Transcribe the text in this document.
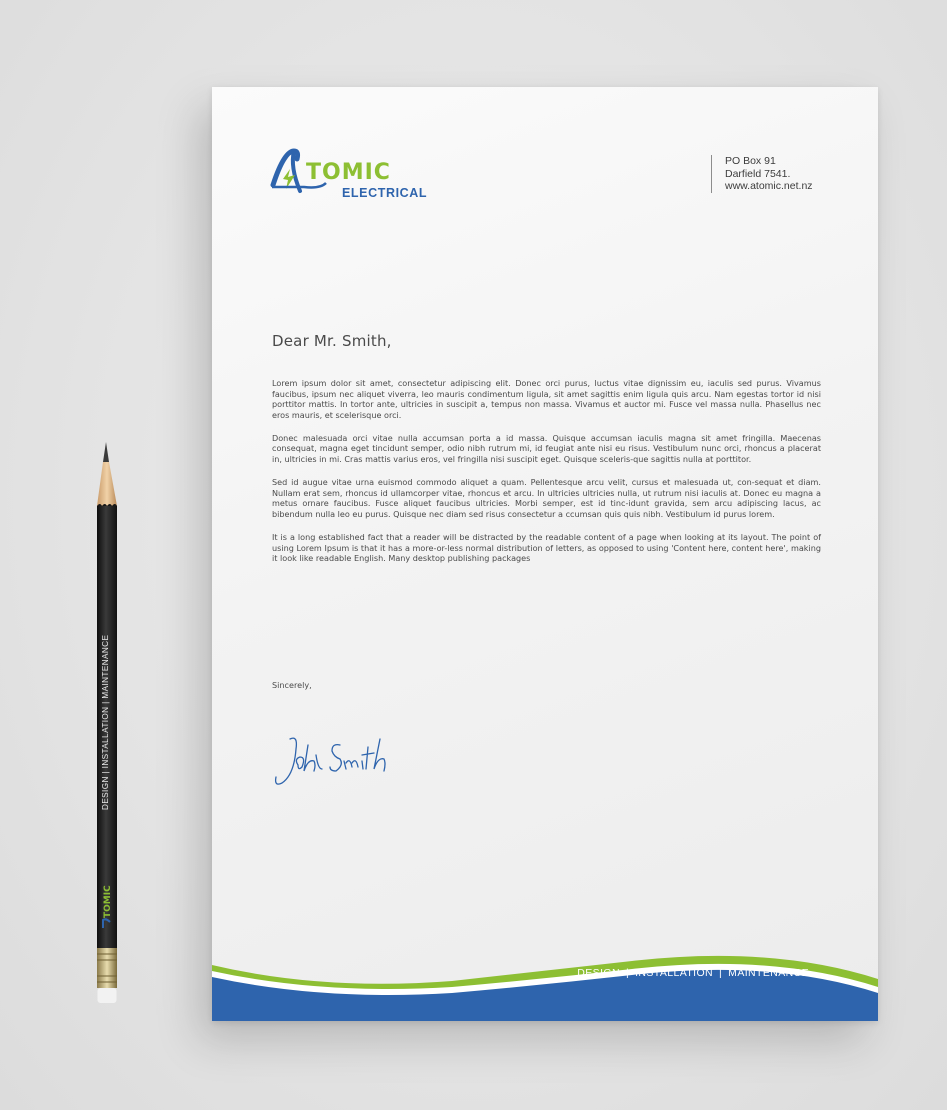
TOMIC
ELECTRICAL
PO Box 91
Darfield 7541.
www.atomic.net.nz
Dear Mr. Smith,

Lorem ipsum dolor sit amet, consectetur adipiscing elit. Donec orci purus, luctus vitae dignissim eu, iaculis sed purus. Vivamus faucibus, ipsum nec aliquet viverra, leo mauris condimentum ligula, sit amet sagittis enim ligula quis arcu. Nam egestas tortor id nisi porttitor mattis. In tortor ante, ultricies in suscipit a, tempus non massa. Vivamus et auctor mi. Fusce vel massa nulla. Phasellus nec eros mauris, et scelerisque orci.

Donec malesuada orci vitae nulla accumsan porta a id massa. Quisque accumsan iaculis magna sit amet fringilla. Maecenas consequat, magna eget tincidunt semper, odio nibh rutrum mi, id feugiat ante nisi eu risus. Vestibulum nunc orci, rhoncus a placerat in, ultricies in mi. Cras mattis varius eros, vel fringilla nisi suscipit eget. Quisque sceleris-que sagittis nulla at porttitor.

Sed id augue vitae urna euismod commodo aliquet a quam. Pellentesque arcu velit, cursus et malesuada ut, con-sequat et diam. Nullam erat sem, rhoncus id ullamcorper vitae, rhoncus et arcu. In ultricies ultricies nulla, ut rutrum nisi iaculis at. Donec eu magna a metus ornare faucibus. Fusce aliquet faucibus ultricies. Morbi semper, est id tinc-idunt gravida, sem arcu adipiscing lacus, ac bibendum nulla leo eu purus. Quisque nec diam sed risus consectetur a ccumsan quis quis nibh. Vestibulum id purus lorem.

It is a long established fact that a reader will be distracted by the readable content of a page when looking at its layout. The point of using Lorem Ipsum is that it has a more-or-less normal distribution of letters, as opposed to using 'Content here, content here', making it look like readable English. Many desktop publishing packages

Sincerely,
DESIGN | INSTALLATION | MAINTENANCE
DESIGN | INSTALLATION | MAINTENANCE
TOMIC
